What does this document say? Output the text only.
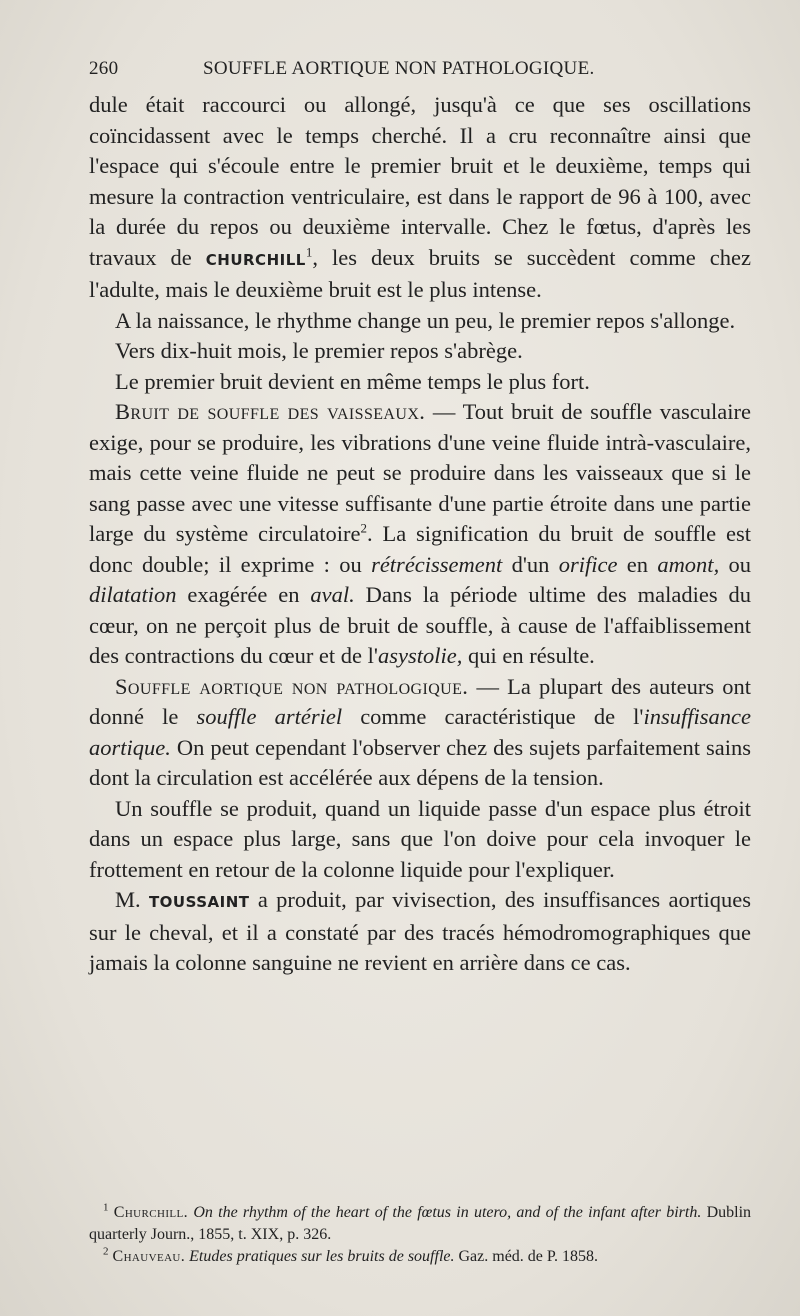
260	SOUFFLE AORTIQUE NON PATHOLOGIQUE.

dule était raccourci ou allongé, jusqu'à ce que ses oscillations coïncidassent avec le temps cherché. Il a cru reconnaître ainsi que l'espace qui s'écoule entre le premier bruit et le deuxième, temps qui mesure la contraction ventriculaire, est dans le rapport de 96 à 100, avec la durée du repos ou deuxième intervalle. Chez le fœtus, d'après les travaux de CHURCHILL$^1$, les deux bruits se succèdent comme chez l'adulte, mais le deuxième bruit est le plus intense.

A la naissance, le rhythme change un peu, le premier repos s'allonge.

Vers dix-huit mois, le premier repos s'abrège.

Le premier bruit devient en même temps le plus fort.

Bruit de souffle des vaisseaux. — Tout bruit de souffle vasculaire exige, pour se produire, les vibrations d'une veine fluide intrà-vasculaire, mais cette veine fluide ne peut se produire dans les vaisseaux que si le sang passe avec une vitesse suffisante d'une partie étroite dans une partie large du système circulatoire$^2$. La signification du bruit de souffle est donc double; il exprime : ou rétrécissement d'un orifice en amont, ou dilatation exagérée en aval. Dans la période ultime des maladies du cœur, on ne perçoit plus de bruit de souffle, à cause de l'affaiblissement des contractions du cœur et de l'asystolie, qui en résulte.

Souffle aortique non pathologique. — La plupart des auteurs ont donné le souffle artériel comme caractéristique de l'insuffisance aortique. On peut cependant l'observer chez des sujets parfaitement sains dont la circulation est accélérée aux dépens de la tension.

Un souffle se produit, quand un liquide passe d'un espace plus étroit dans un espace plus large, sans que l'on doive pour cela invoquer le frottement en retour de la colonne liquide pour l'expliquer.

M. TOUSSAINT a produit, par vivisection, des insuffisances aortiques sur le cheval, et il a constaté par des tracés hémodromographiques que jamais la colonne sanguine ne revient en arrière dans ce cas.

$^1$ Churchill. On the rhythm of the heart of the fœtus in utero, and of the infant after birth. Dublin quarterly Journ., 1855, t. XIX, p. 326.

$^2$ Chauveau. Etudes pratiques sur les bruits de souffle. Gaz. méd. de P. 1858.
